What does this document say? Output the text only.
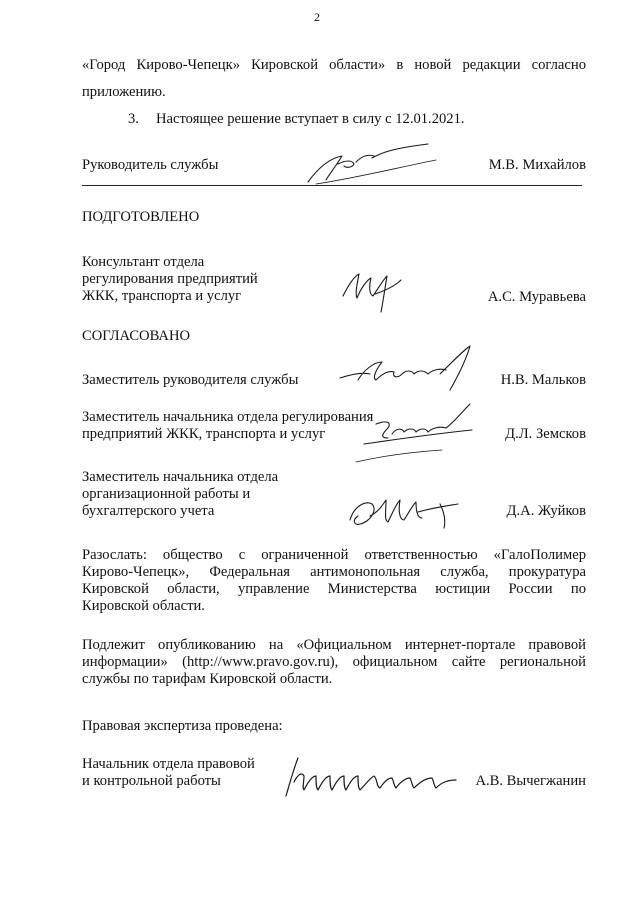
2
«Город Кирово-Чепецк» Кировской области» в новой редакции согласно
приложению.
3. Настоящее решение вступает в силу с 12.01.2021.
Руководитель службы	М.В. Михайлов
ПОДГОТОВЛЕНО
Консультант отдела
регулирования предприятий
ЖКК, транспорта и услуг	А.С. Муравьева
СОГЛАСОВАНО
Заместитель руководителя службы	Н.В. Мальков
Заместитель начальника отдела регулирования
предприятий ЖКК, транспорта и услуг	Д.Л. Земсков
Заместитель начальника отдела
организационной работы и
бухгалтерского учета	Д.А. Жуйков
Разослать: общество с ограниченной ответственностью «ГалоПолимер
Кирово-Чепецк», Федеральная антимонопольная служба, прокуратура
Кировской области, управление Министерства юстиции России по
Кировской области.
Подлежит опубликованию на «Официальном интернет-портале правовой
информации» (http://www.pravo.gov.ru), официальном сайте региональной
службы по тарифам Кировской области.
Правовая экспертиза проведена:
Начальник отдела правовой
и контрольной работы	А.В. Вычегжанин
